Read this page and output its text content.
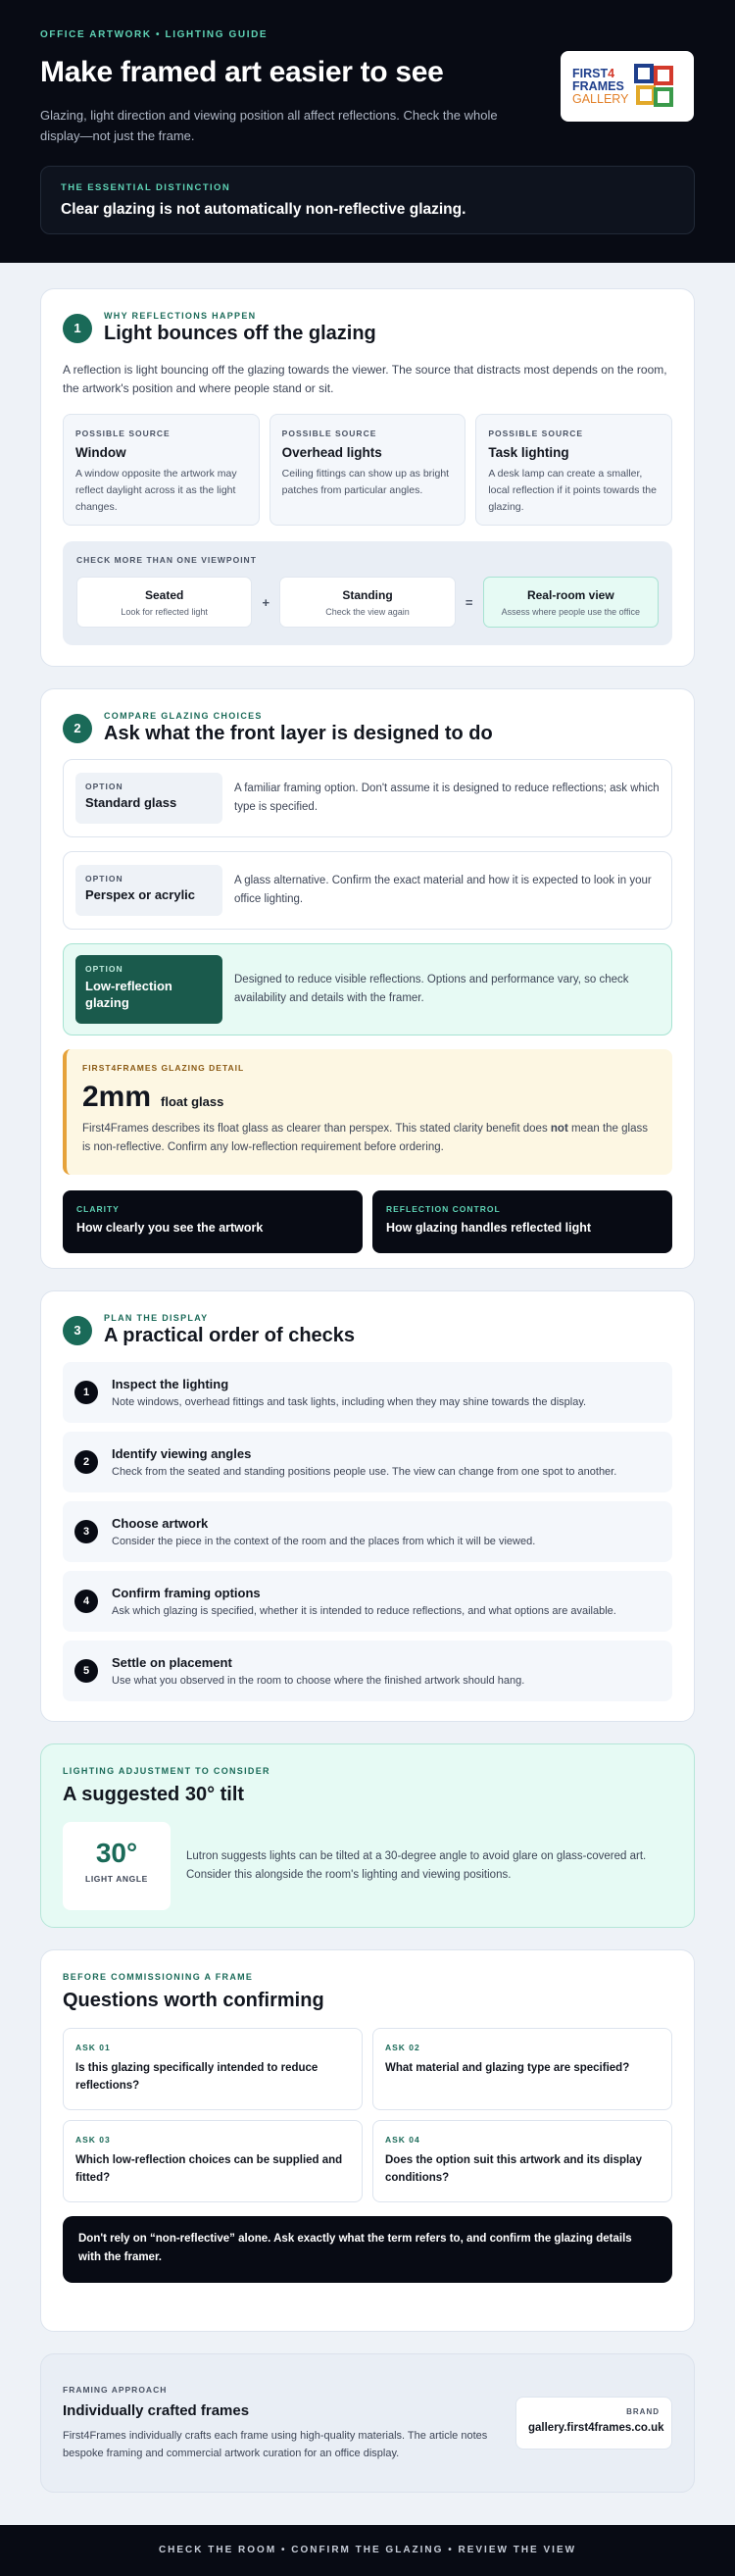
OFFICE ARTWORK • LIGHTING GUIDE
Make framed art easier to see

Glazing, light direction and viewing position all affect reflections. Check the whole display—not just the frame.

FIRST4
FRAMES
GALLERY
THE ESSENTIAL DISTINCTION
Clear glazing is not automatically non-reflective glazing.
1
WHY REFLECTIONS HAPPEN
Light bounces off the glazing

A reflection is light bouncing off the glazing towards the viewer. The source that distracts most depends on the room, the artwork's position and where people stand or sit.

POSSIBLE SOURCE
Window

A window opposite the artwork may reflect daylight across it as the light changes.

POSSIBLE SOURCE
Overhead lights

Ceiling fittings can show up as bright patches from particular angles.

POSSIBLE SOURCE
Task lighting

A desk lamp can create a smaller, local reflection if it points towards the glazing.

CHECK MORE THAN ONE VIEWPOINT
Seated
Look for reflected light
+	Standing
Check the view again
=	Real-room view
Assess where people use the office
2
COMPARE GLAZING CHOICES
Ask what the front layer is designed to do
OPTION
Standard glass
A familiar framing option. Don't assume it is designed to reduce reflections; ask which type is specified.
OPTION
Perspex or acrylic
A glass alternative. Confirm the exact material and how it is expected to look in your office lighting.
OPTION
Low-reflection glazing
Designed to reduce visible reflections. Options and performance vary, so check availability and details with the framer.
FIRST4FRAMES GLAZING DETAIL
2mm float glass

First4Frames describes its float glass as clearer than perspex. This stated clarity benefit does not mean the glass is non-reflective. Confirm any low-reflection requirement before ordering.

CLARITY
How clearly you see the artwork
REFLECTION CONTROL
How glazing handles reflected light
3
PLAN THE DISPLAY
A practical order of checks
1
Inspect the lighting
Note windows, overhead fittings and task lights, including when they may shine towards the display.
2
Identify viewing angles
Check from the seated and standing positions people use. The view can change from one spot to another.
3
Choose artwork
Consider the piece in the context of the room and the places from which it will be viewed.
4
Confirm framing options
Ask which glazing is specified, whether it is intended to reduce reflections, and what options are available.
5
Settle on placement
Use what you observed in the room to choose where the finished artwork should hang.
LIGHTING ADJUSTMENT TO CONSIDER
A suggested 30° tilt
30°
LIGHT ANGLE

Lutron suggests lights can be tilted at a 30-degree angle to avoid glare on glass-covered art. Consider this alongside the room's lighting and viewing positions.

BEFORE COMMISSIONING A FRAME
Questions worth confirming
ASK 01
Is this glazing specifically intended to reduce reflections?
ASK 02
What material and glazing type are specified?
ASK 03
Which low-reflection choices can be supplied and fitted?
ASK 04
Does the option suit this artwork and its display conditions?
Don't rely on “non-reflective” alone. Ask exactly what the term refers to, and confirm the glazing details with the framer.
FRAMING APPROACH
Individually crafted frames

First4Frames individually crafts each frame using high-quality materials. The article notes bespoke framing and commercial artwork curation for an office display.

BRAND
gallery.first4frames.co.uk
CHECK THE ROOM • CONFIRM THE GLAZING • REVIEW THE VIEW
